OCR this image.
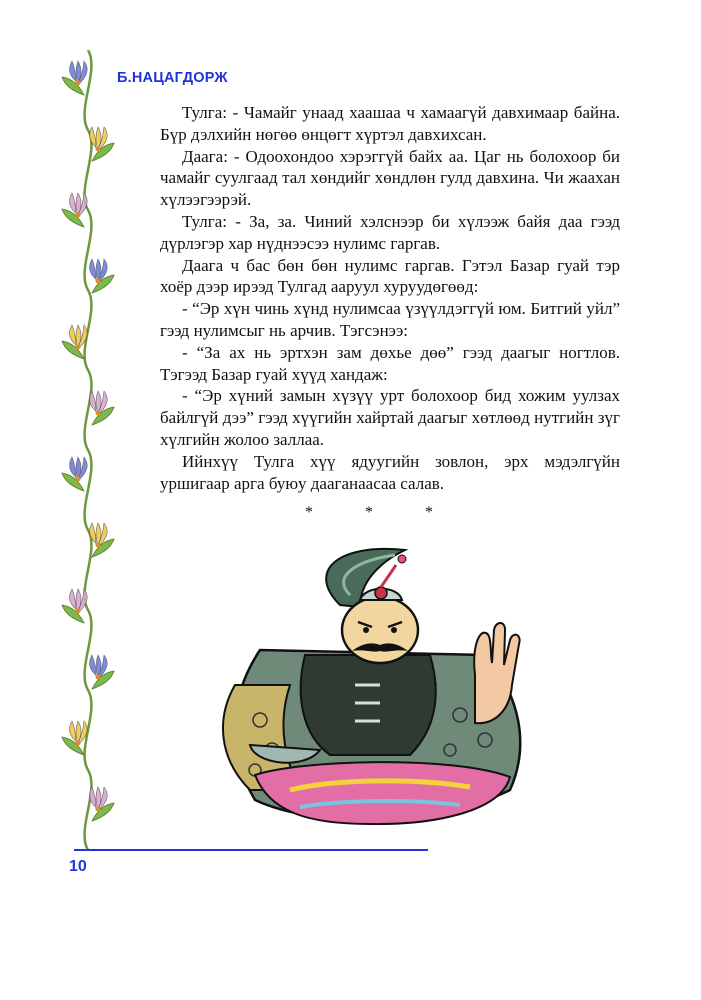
Б.НАЦАГДОРЖ

Тулга: - Чамайг унаад хаашаа ч хамаагүй давхимаар байна. Бүр дэлхийн нөгөө өнцөгт хүртэл давхихсан.

Даага: - Одоохондоо хэрэггүй байх аа. Цаг нь болохоор би чамайг суулгаад тал хөндийг хөндлөн гулд давхина. Чи жаахан хүлээгээрэй.

Тулга: - За, за. Чиний хэлснээр би хүлээж байя даа гээд дүрлэгэр хар нүднээсээ нулимс гаргав.

Даага ч бас бөн бөн нулимс гаргав. Гэтэл Базар гуай тэр хоёр дээр ирээд Тулгад ааруул хуруудөгөөд:

- “Эр хүн чинь хүнд нулимсаа үзүүлдэггүй юм. Битгий уйл” гээд нулимсыг нь арчив. Тэгсэнээ:

- “За ах нь эртхэн зам дөхье дөө” гээд даагыг ногтлов. Тэгээд Базар гуай хүүд хандаж:

- “Эр хүний замын хүзүү урт болохоор бид хожим уулзах байлгүй дээ” гээд хүүгийн хайртай даагыг хөтлөөд нутгийн зүг хүлгийн жолоо заллаа.

Ийнхүү Тулга хүү ядуугийн зовлон, эрх мэдэлгүйн уршигаар арга буюу дааганаасаа салав.

*	*	*
10
